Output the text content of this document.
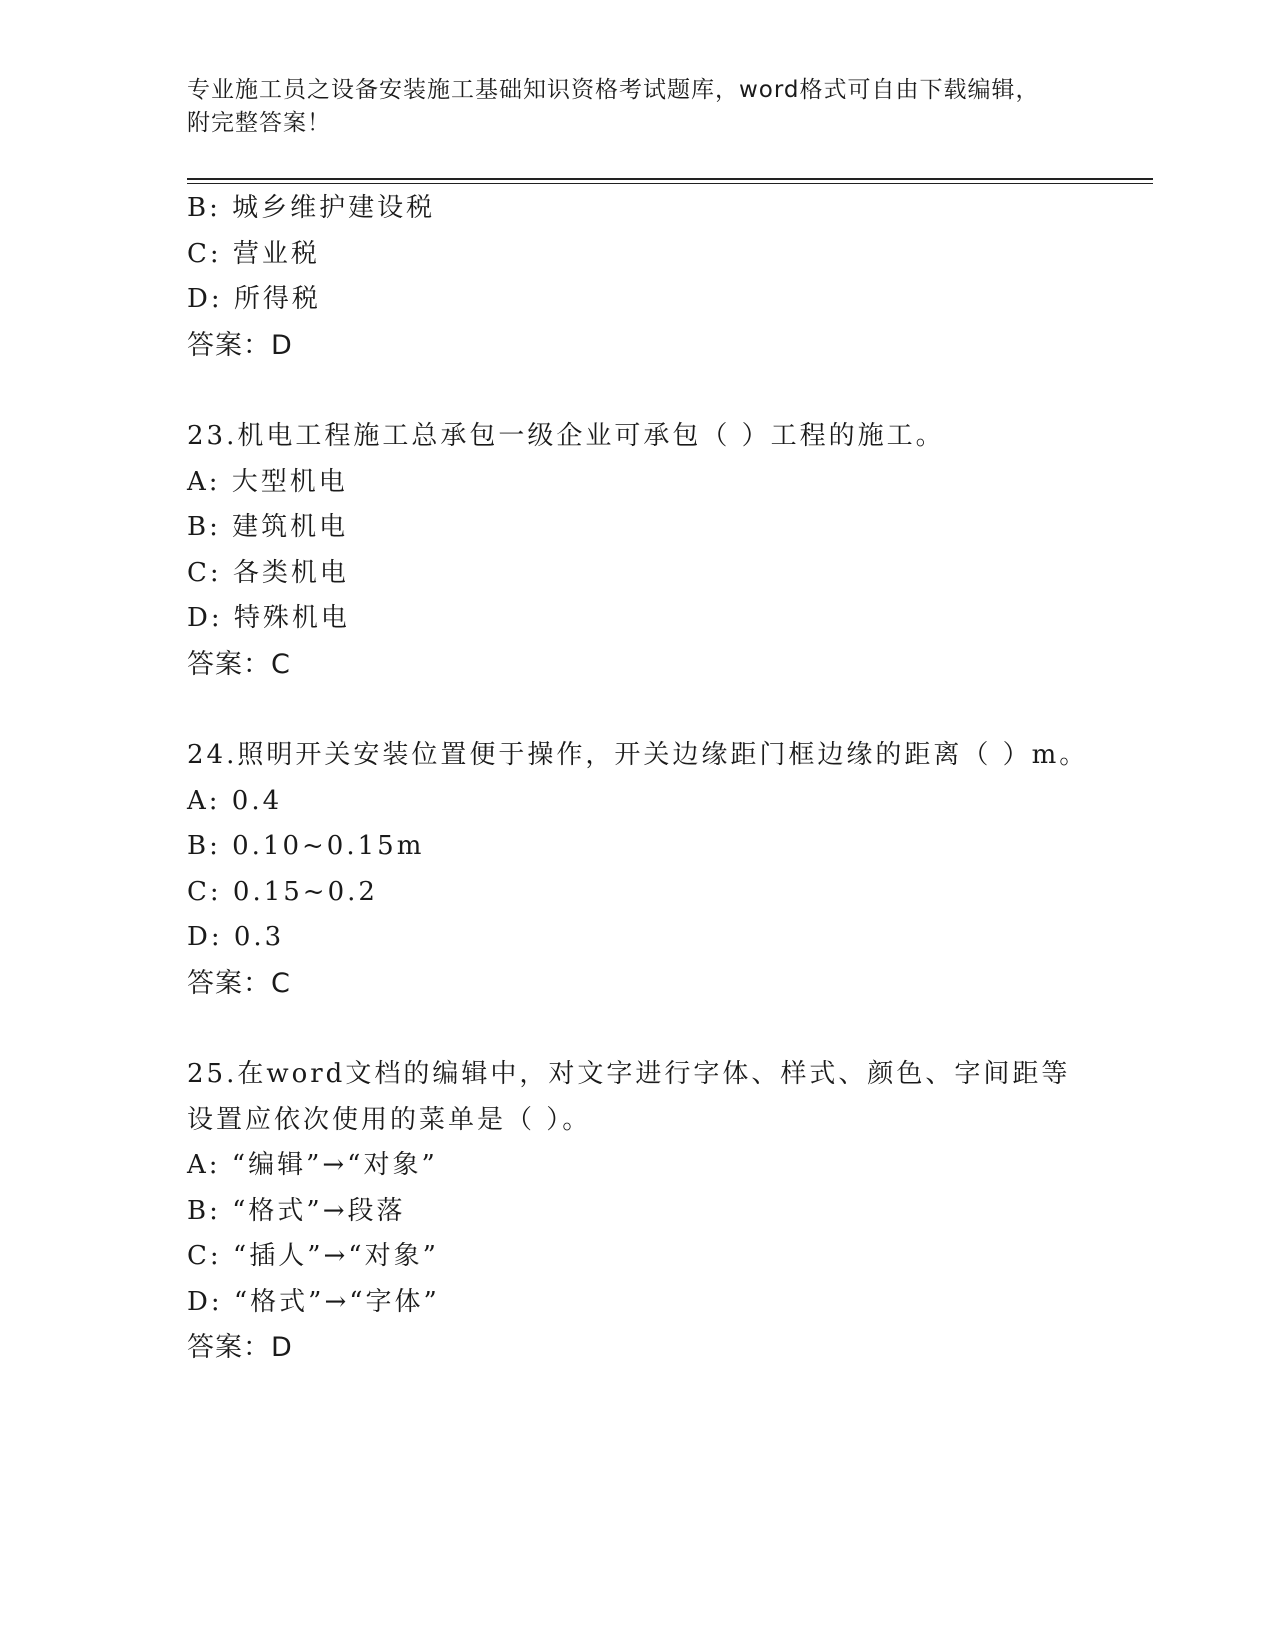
专业施工员之设备安装施工基础知识资格考试题库，word格式可自由下载编辑，
附完整答案！
B: 城乡维护建设税
C: 营业税
D: 所得税
答案：D
23.机电工程施工总承包一级企业可承包（ ）工程的施工。
A: 大型机电
B: 建筑机电
C: 各类机电
D: 特殊机电
答案：C
24.照明开关安装位置便于操作，开关边缘距门框边缘的距离（ ）m。
A: 0.4
B: 0.10~0.15m
C: 0.15~0.2
D: 0.3
答案：C
25.在word文档的编辑中，对文字进行字体、样式、颜色、字间距等
设置应依次使用的菜单是（ ）。
A: “编辑”→“对象”
B: “格式”→段落
C: “插人”→“对象”
D: “格式”→“字体”
答案：D
